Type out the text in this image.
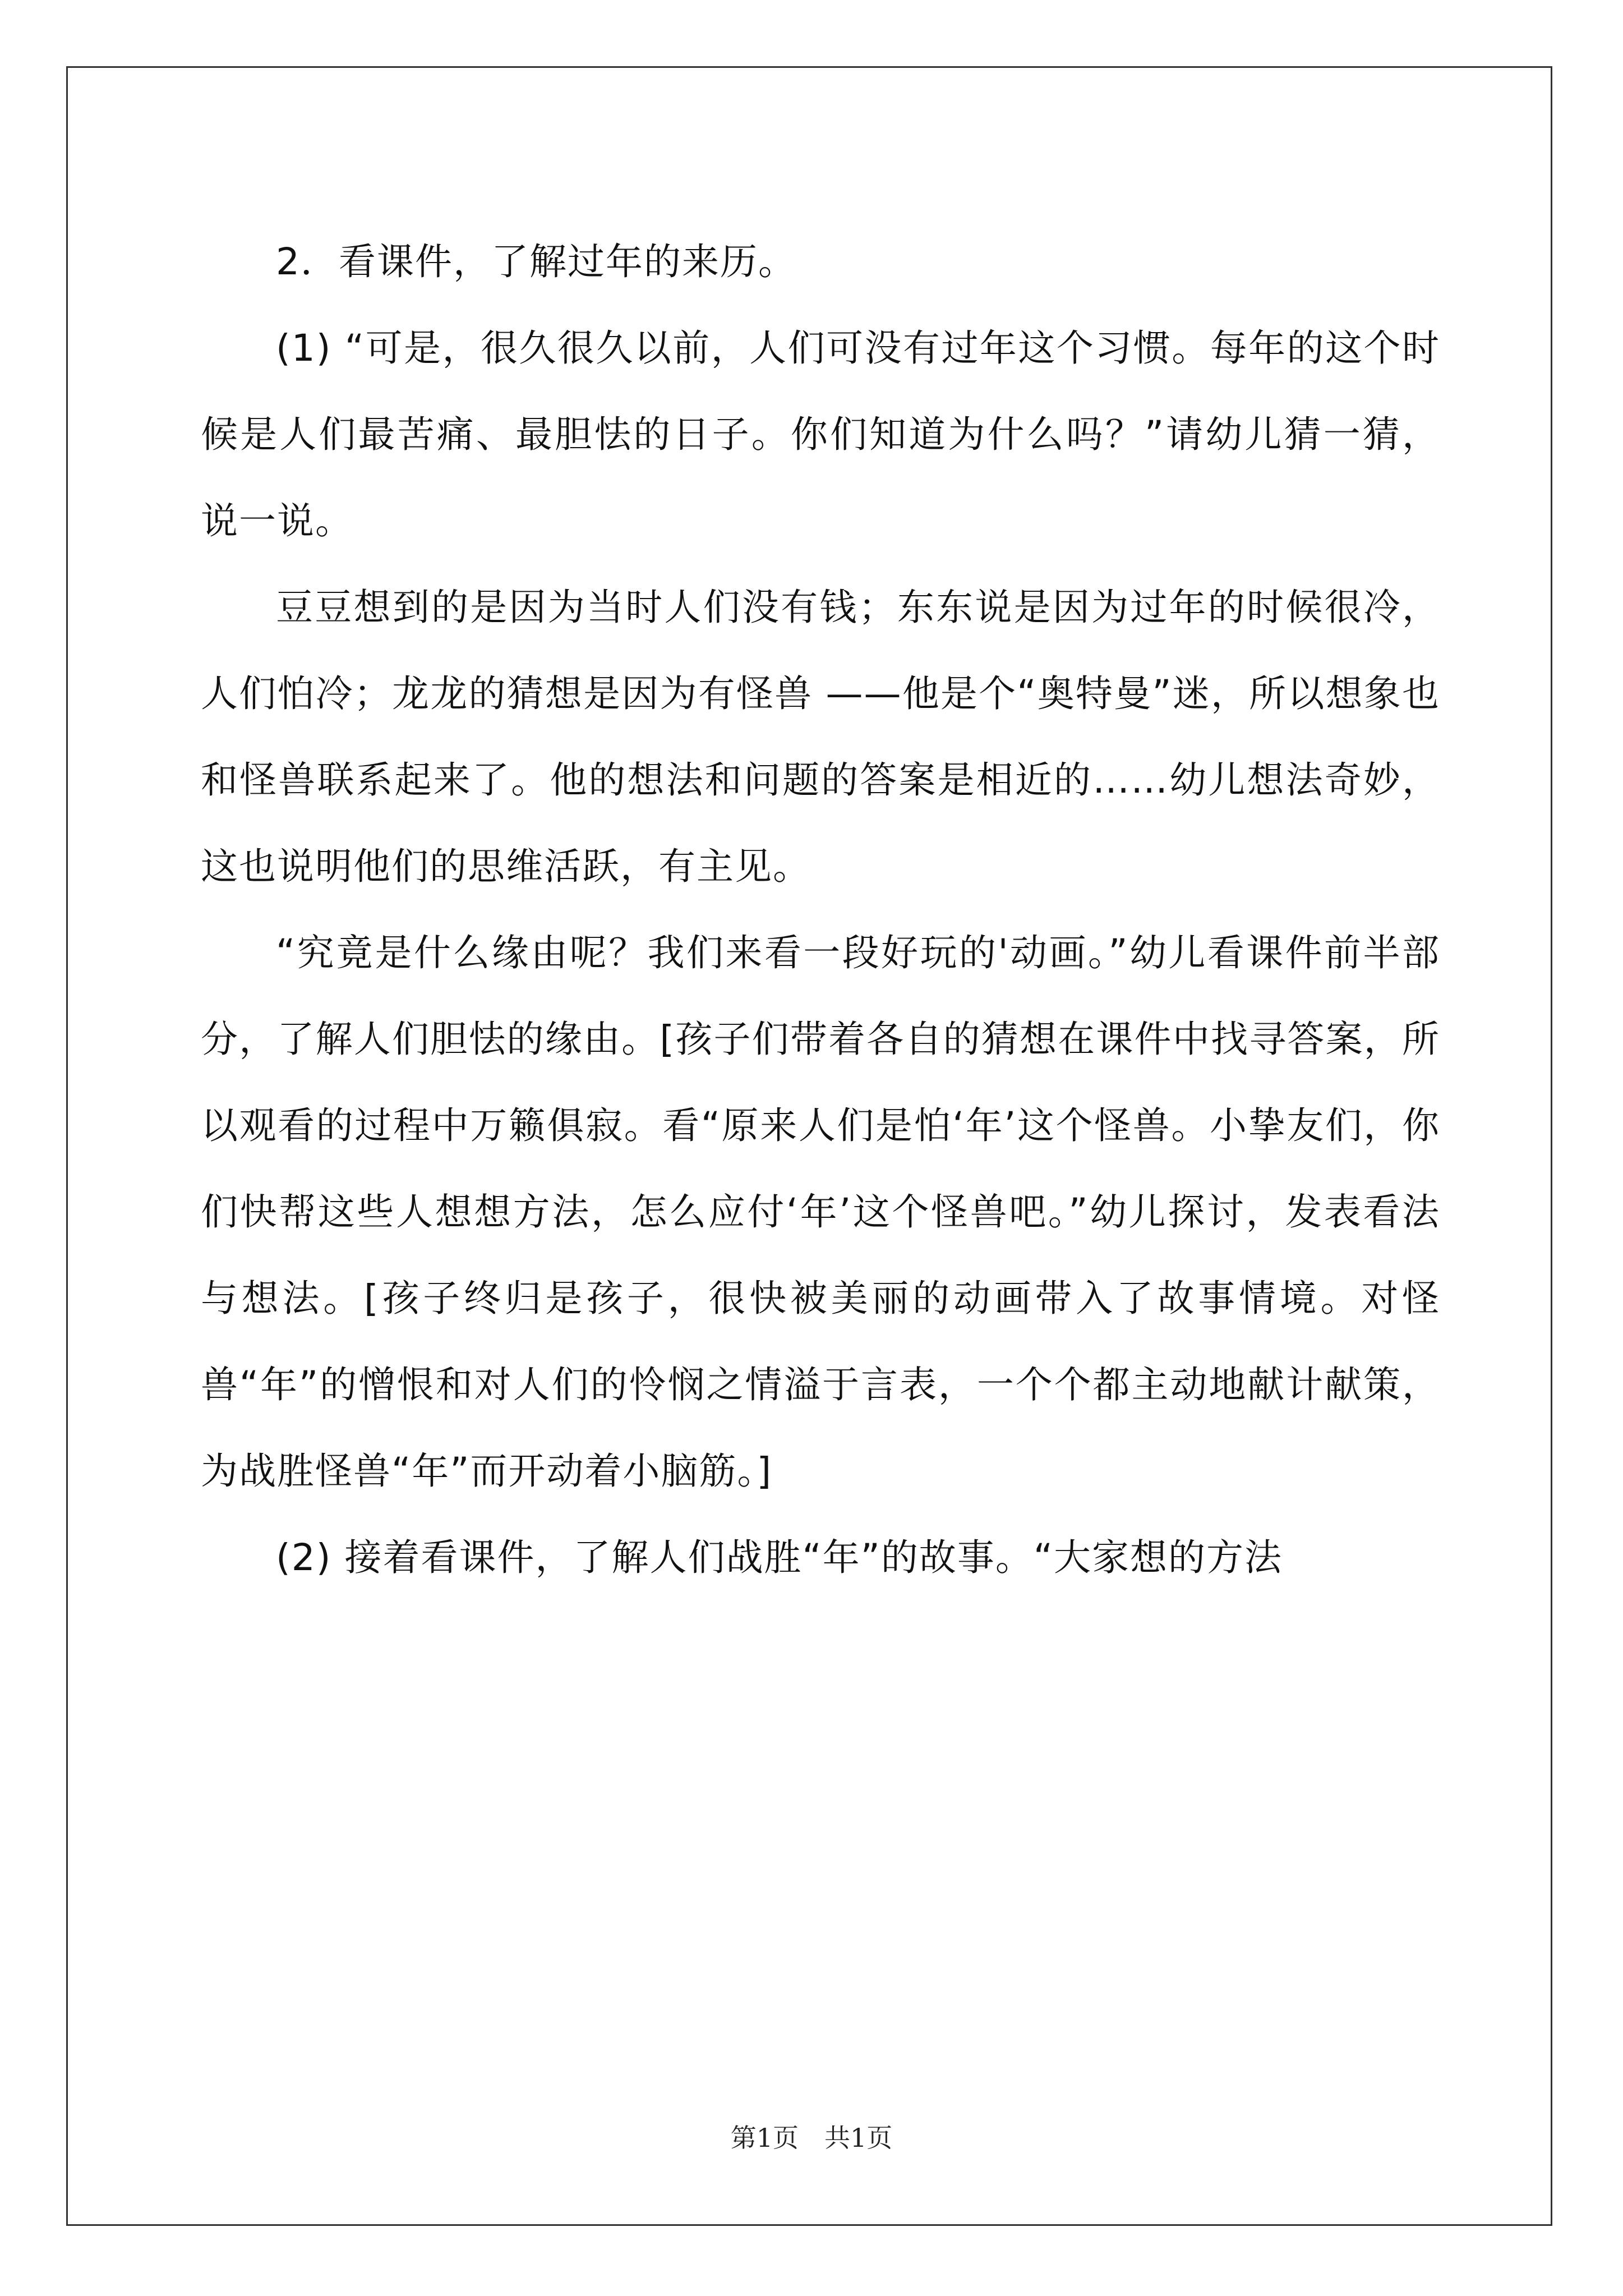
2．看课件，了解过年的来历。

(1) “可是，很久很久以前，人们可没有过年这个习惯。每年的这个时候是人们最苦痛、最胆怯的日子。你们知道为什么吗？”请幼儿猜一猜，说一说。

豆豆想到的是因为当时人们没有钱；东东说是因为过年的时候很冷，人们怕冷；龙龙的猜想是因为有怪兽 ——他是个“奥特曼”迷，所以想象也和怪兽联系起来了。他的想法和问题的答案是相近的……幼儿想法奇妙，这也说明他们的思维活跃，有主见。

“究竟是什么缘由呢？我们来看一段好玩的'动画。”幼儿看课件前半部分，了解人们胆怯的缘由。[孩子们带着各自的猜想在课件中找寻答案，所以观看的过程中万籁俱寂。看“原来人们是怕‘年’这个怪兽。小挚友们，你们快帮这些人想想方法，怎么应付‘年’这个怪兽吧。”幼儿探讨，发表看法与想法。[孩子终归是孩子，很快被美丽的动画带入了故事情境。对怪兽“年”的憎恨和对人们的怜悯之情溢于言表，一个个都主动地献计献策，为战胜怪兽“年”而开动着小脑筋。]

(2) 接着看课件，了解人们战胜“年”的故事。“大家想的方法

第1页　共1页
